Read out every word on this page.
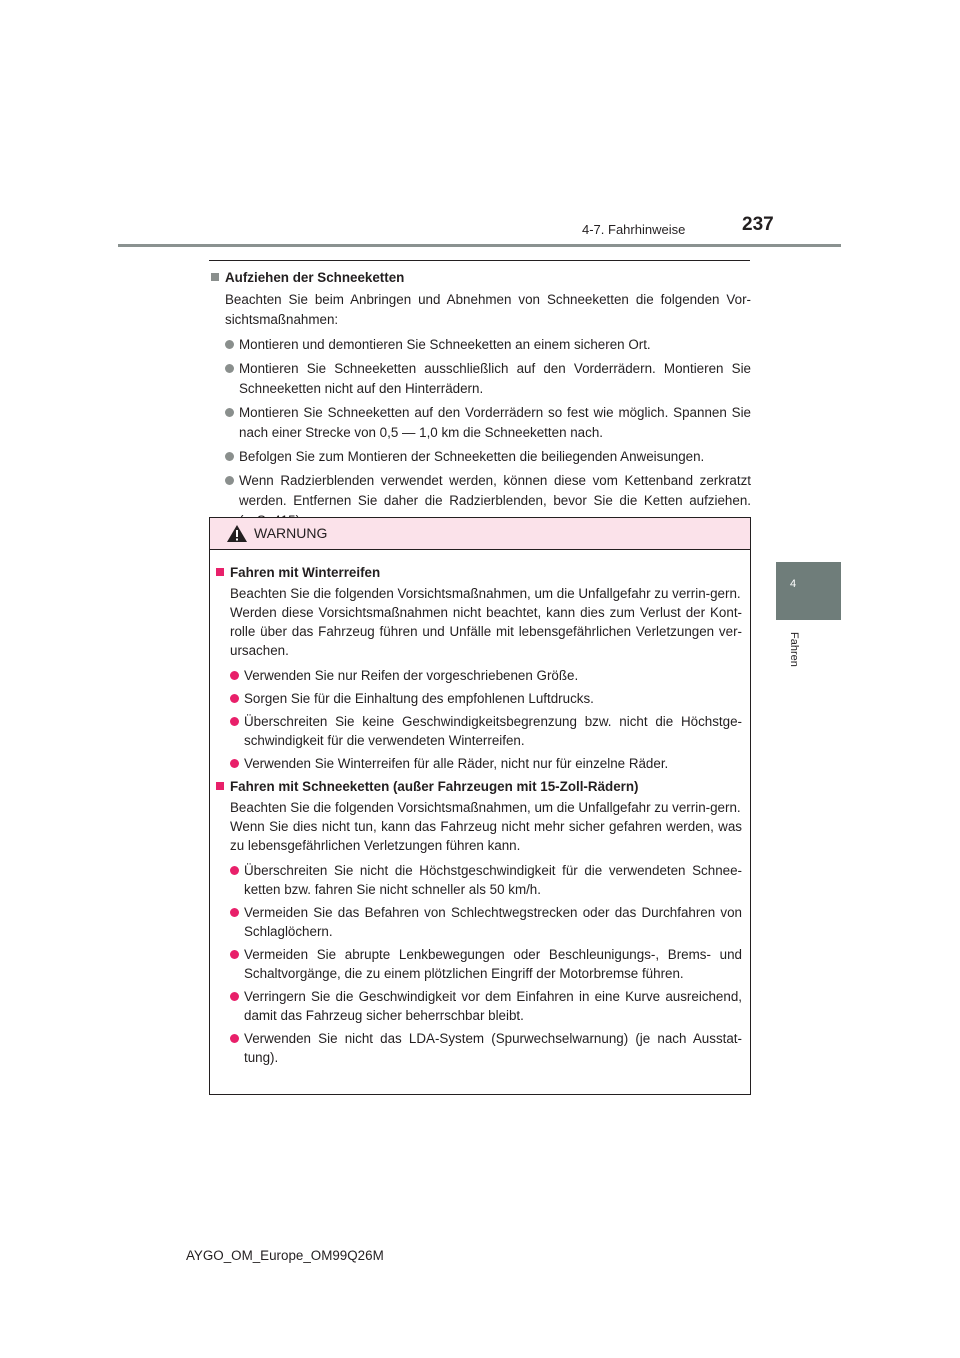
4-7. Fahrhinweise	237
4
Fahren
Aufziehen der Schneeketten
Beachten Sie beim Anbringen und Abnehmen von Schneeketten die folgenden Vor-sichtsmaßnahmen:
Montieren und demontieren Sie Schneeketten an einem sicheren Ort.
Montieren Sie Schneeketten ausschließlich auf den Vorderrädern. Montieren Sie Schneeketten nicht auf den Hinterrädern.
Montieren Sie Schneeketten auf den Vorderrädern so fest wie möglich. Spannen Sie nach einer Strecke von 0,5 — 1,0 km die Schneeketten nach.
Befolgen Sie zum Montieren der Schneeketten die beiliegenden Anweisungen.
Wenn Radzierblenden verwendet werden, können diese vom Kettenband zerkratzt werden. Entfernen Sie daher die Radzierblenden, bevor Sie die Ketten aufziehen.
WARNUNG
Fahren mit Winterreifen
Beachten Sie die folgenden Vorsichtsmaßnahmen, um die Unfallgefahr zu verrin-gern.
Werden diese Vorsichtsmaßnahmen nicht beachtet, kann dies zum Verlust der Kont-rolle über das Fahrzeug führen und Unfälle mit lebensgefährlichen Verletzungen ver-ursachen.
Verwenden Sie nur Reifen der vorgeschriebenen Größe.
Sorgen Sie für die Einhaltung des empfohlenen Luftdrucks.
Überschreiten Sie keine Geschwindigkeitsbegrenzung bzw. nicht die Höchstge-schwindigkeit für die verwendeten Winterreifen.
Verwenden Sie Winterreifen für alle Räder, nicht nur für einzelne Räder.
Fahren mit Schneeketten (außer Fahrzeugen mit 15-Zoll-Rädern)
Beachten Sie die folgenden Vorsichtsmaßnahmen, um die Unfallgefahr zu verrin-gern.
Wenn Sie dies nicht tun, kann das Fahrzeug nicht mehr sicher gefahren werden, was zu lebensgefährlichen Verletzungen führen kann.
Überschreiten Sie nicht die Höchstgeschwindigkeit für die verwendeten Schnee-ketten bzw. fahren Sie nicht schneller als 50 km/h.
Vermeiden Sie das Befahren von Schlechtwegstrecken oder das Durchfahren von Schlaglöchern.
Vermeiden Sie abrupte Lenkbewegungen oder Beschleunigungs-, Brems- und Schaltvorgänge, die zu einem plötzlichen Eingriff der Motorbremse führen.
Verringern Sie die Geschwindigkeit vor dem Einfahren in eine Kurve ausreichend, damit das Fahrzeug sicher beherrschbar bleibt.
Verwenden Sie nicht das LDA-System (Spurwechselwarnung) (je nach Ausstat-tung).
AYGO_OM_Europe_OM99Q26M
